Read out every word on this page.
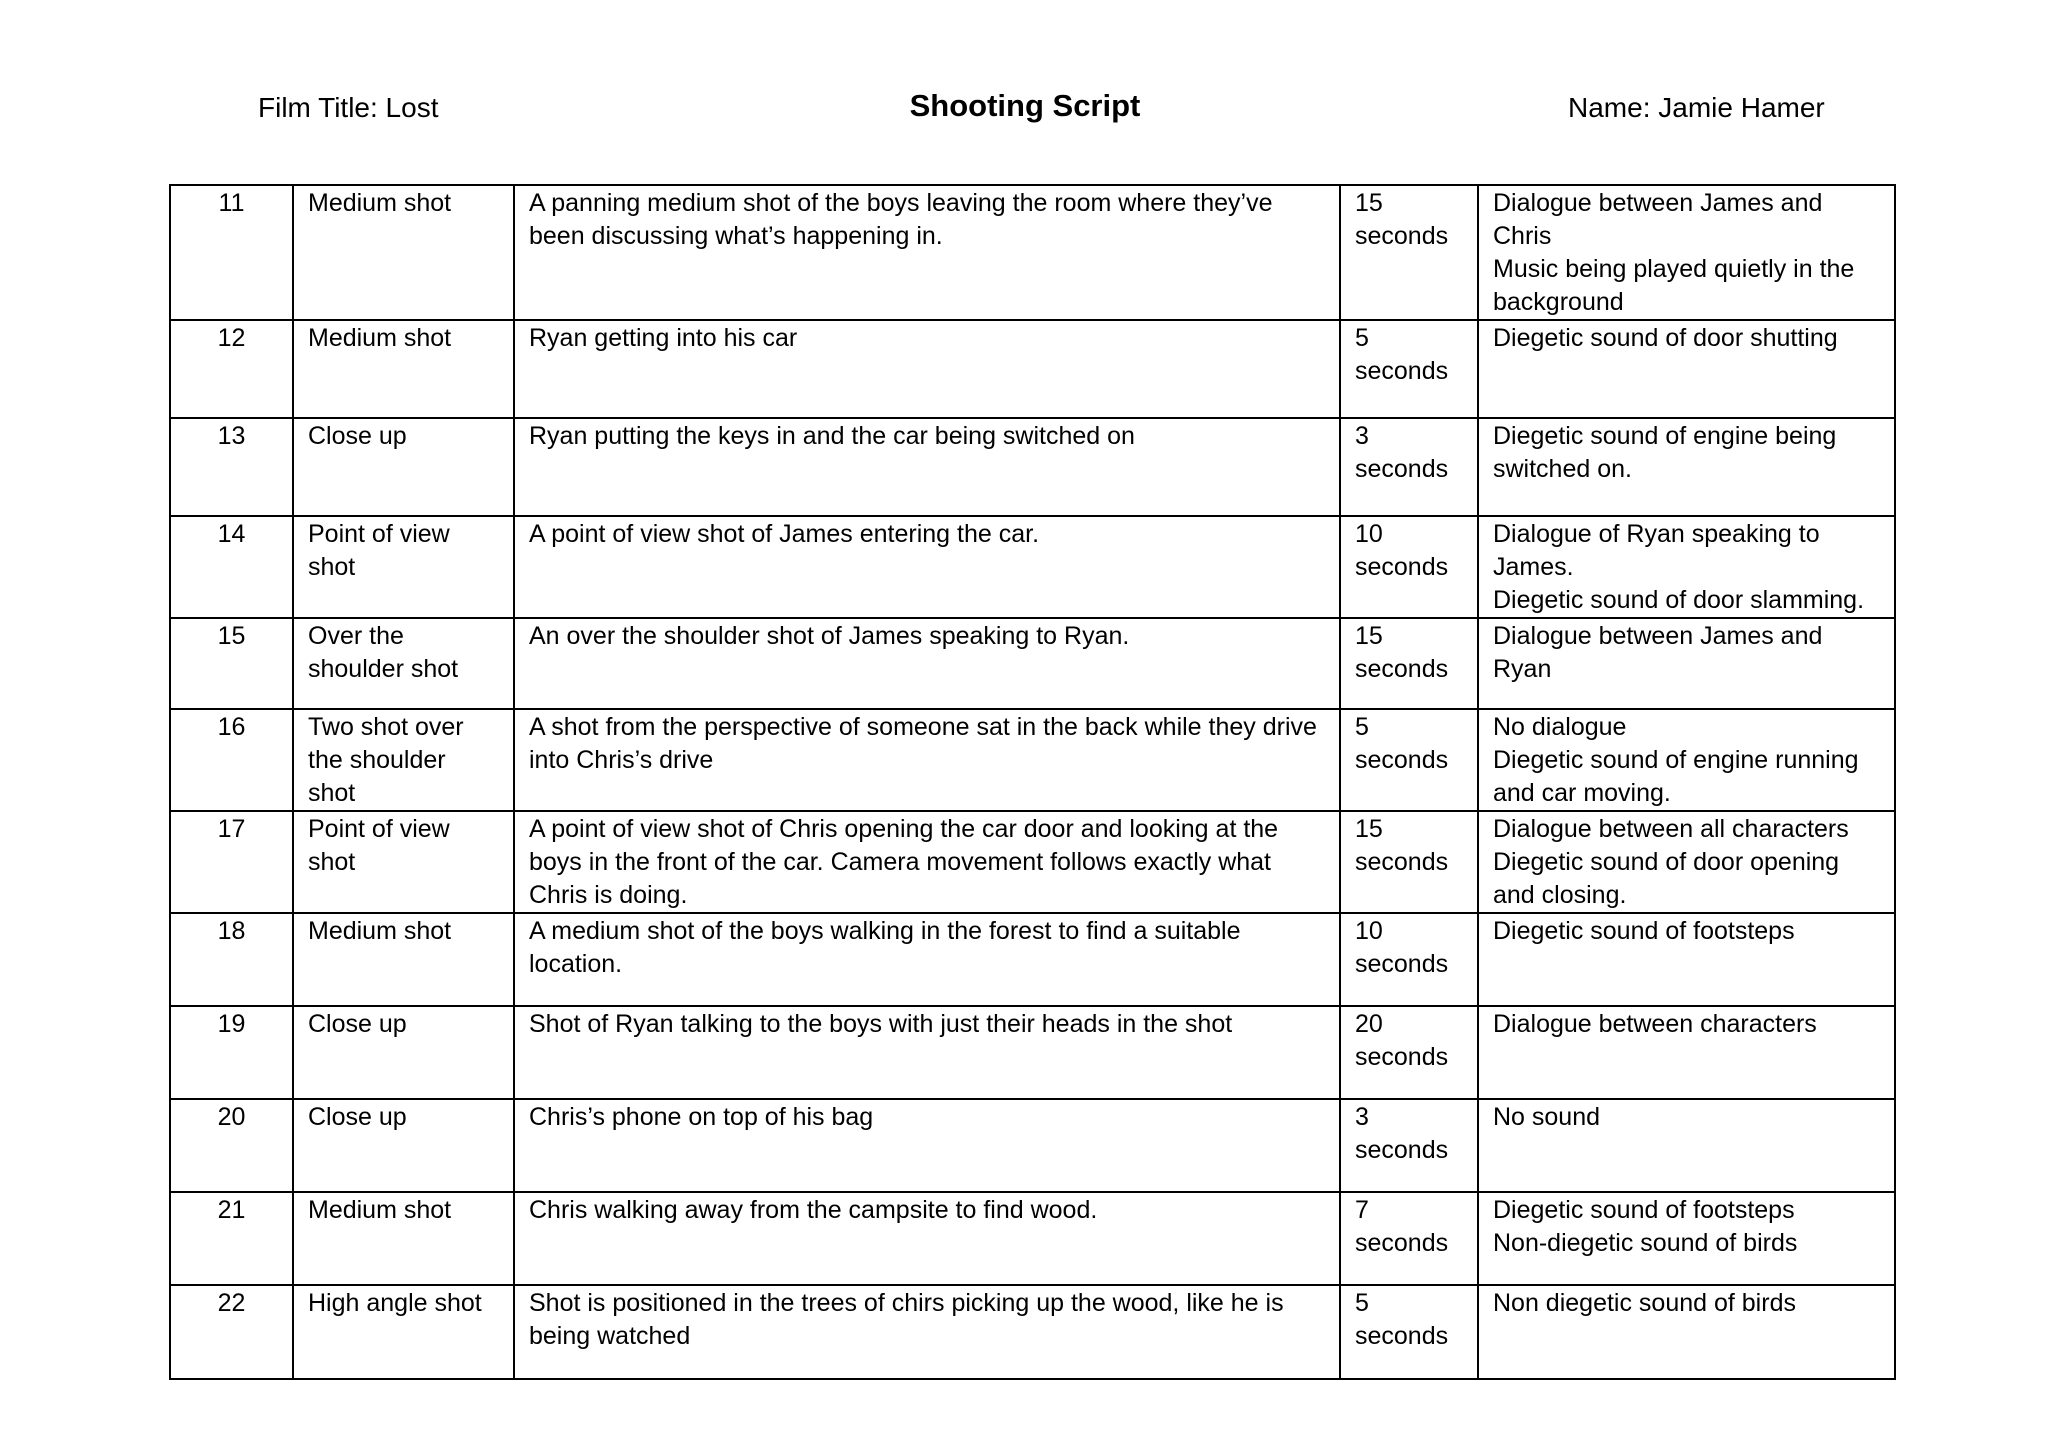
Film Title: Lost	Shooting Script	Name: Jamie Hamer
11	Medium shot	A panning medium shot of the boys leaving the room where they’ve been discussing what’s happening in.	15 seconds	Dialogue between James and Chris
Music being played quietly in the background
12	Medium shot	Ryan getting into his car	5 seconds	Diegetic sound of door shutting
13	Close up	Ryan putting the keys in and the car being switched on	3 seconds	Diegetic sound of engine being switched on.
14	Point of view shot	A point of view shot of James entering the car.	10 seconds	Dialogue of Ryan speaking to James.
Diegetic sound of door slamming.
15	Over the shoulder shot	An over the shoulder shot of James speaking to Ryan.	15 seconds	Dialogue between James and Ryan
16	Two shot over the shoulder shot	A shot from the perspective of someone sat in the back while they drive into Chris’s drive	5 seconds	No dialogue
Diegetic sound of engine running and car moving.
17	Point of view shot	A point of view shot of Chris opening the car door and looking at the boys in the front of the car. Camera movement follows exactly what Chris is doing.	15 seconds	Dialogue between all characters
Diegetic sound of door opening and closing.
18	Medium shot	A medium shot of the boys walking in the forest to find a suitable location.	10 seconds	Diegetic sound of footsteps
19	Close up	Shot of Ryan talking to the boys with just their heads in the shot	20 seconds	Dialogue between characters
20	Close up	Chris’s phone on top of his bag	3 seconds	No sound
21	Medium shot	Chris walking away from the campsite to find wood.	7 seconds	Diegetic sound of footsteps
Non-diegetic sound of birds
22	High angle shot	Shot is positioned in the trees of chirs picking up the wood, like he is being watched	5 seconds	Non diegetic sound of birds
